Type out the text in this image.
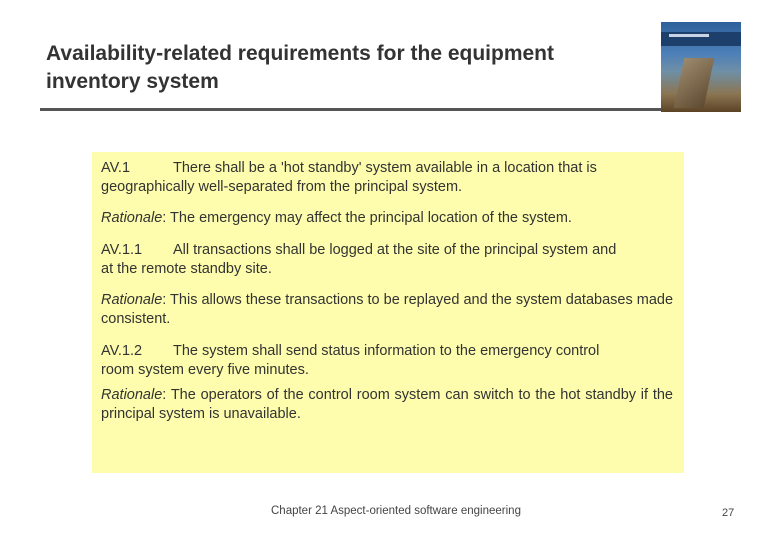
Availability-related requirements for the equipment
inventory system

AV.1	There shall be a 'hot standby' system available in a location that is
geographically well-separated from the principal system.

Rationale: The emergency may affect the principal location of the system.

AV.1.1 All transactions shall be logged at the site of the principal system and
at the remote standby site.

Rationale: This allows these transactions to be replayed and the system databases made consistent.

AV.1.2 The system shall send status information to the emergency control
room system every five minutes.

Rationale: The operators of the control room system can switch to the hot standby if the principal system is unavailable.

Chapter 21 Aspect-oriented software engineering	27
